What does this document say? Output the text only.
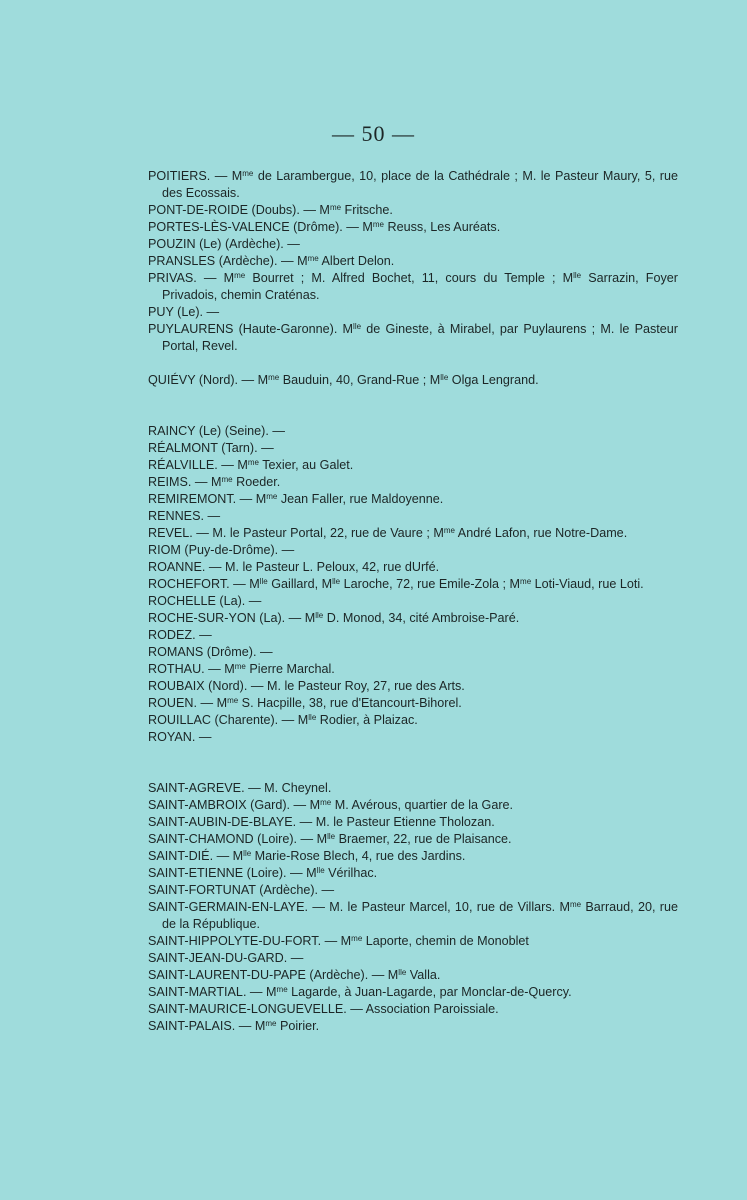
— 50 —
POITIERS. — $M^{me}$ de Larambergue, 10, place de la Cathédrale ; M. le Pasteur Maury, 5, rue des Ecossais.
PONT-DE-ROIDE (Doubs). — $M^{me}$ Fritsche.
PORTES-LÈS-VALENCE (Drôme). — $M^{me}$ Reuss, Les Auréats.
POUZIN (Le) (Ardèche). —
PRANSLES (Ardèche). — $M^{me}$ Albert Delon.
PRIVAS. — $M^{me}$ Bourret ; M. Alfred Bochet, 11, cours du Temple ; $M^{lle}$ Sarrazin, Foyer Privadois, chemin Craténas.
PUY (Le). —
PUYLAURENS (Haute-Garonne). $M^{lle}$ de Gineste, à Mirabel, par Puylaurens ; M. le Pasteur Portal, Revel.
QUIÉVY (Nord). — $M^{me}$ Bauduin, 40, Grand-Rue ; $M^{lle}$ Olga Lengrand.
RAINCY (Le) (Seine). —
RÉALMONT (Tarn). —
RÉALVILLE. — $M^{me}$ Texier, au Galet.
REIMS. — $M^{me}$ Roeder.
REMIREMONT. — $M^{me}$ Jean Faller, rue Maldoyenne.
RENNES. —
REVEL. — M. le Pasteur Portal, 22, rue de Vaure ; $M^{me}$ André Lafon, rue Notre-Dame.
RIOM (Puy-de-Drôme). —
ROANNE. — M. le Pasteur L. Peloux, 42, rue dUrfé.
ROCHEFORT. — $M^{lle}$ Gaillard, $M^{lle}$ Laroche, 72, rue Emile-Zola ; $M^{me}$ Loti-Viaud, rue Loti.
ROCHELLE (La). —
ROCHE-SUR-YON (La). — $M^{lle}$ D. Monod, 34, cité Ambroise-Paré.
RODEZ. —
ROMANS (Drôme). —
ROTHAU. — $M^{me}$ Pierre Marchal.
ROUBAIX (Nord). — M. le Pasteur Roy, 27, rue des Arts.
ROUEN. — $M^{me}$ S. Hacpille, 38, rue d'Etancourt-Bihorel.
ROUILLAC (Charente). — $M^{lle}$ Rodier, à Plaizac.
ROYAN. —
SAINT-AGREVE. — M. Cheynel.
SAINT-AMBROIX (Gard). — $M^{me}$ M. Avérous, quartier de la Gare.
SAINT-AUBIN-DE-BLAYE. — M. le Pasteur Etienne Tholozan.
SAINT-CHAMOND (Loire). — $M^{lle}$ Braemer, 22, rue de Plaisance.
SAINT-DIÉ. — $M^{lle}$ Marie-Rose Blech, 4, rue des Jardins.
SAINT-ETIENNE (Loire). — $M^{lle}$ Vérilhac.
SAINT-FORTUNAT (Ardèche). —
SAINT-GERMAIN-EN-LAYE. — M. le Pasteur Marcel, 10, rue de Villars. $M^{me}$ Barraud, 20, rue de la République.
SAINT-HIPPOLYTE-DU-FORT. — $M^{me}$ Laporte, chemin de Monoblet
SAINT-JEAN-DU-GARD. —
SAINT-LAURENT-DU-PAPE (Ardèche). — $M^{lle}$ Valla.
SAINT-MARTIAL. — $M^{me}$ Lagarde, à Juan-Lagarde, par Monclar-de-Quercy.
SAINT-MAURICE-LONGUEVELLE. — Association Paroissiale.
SAINT-PALAIS. — $M^{me}$ Poirier.
